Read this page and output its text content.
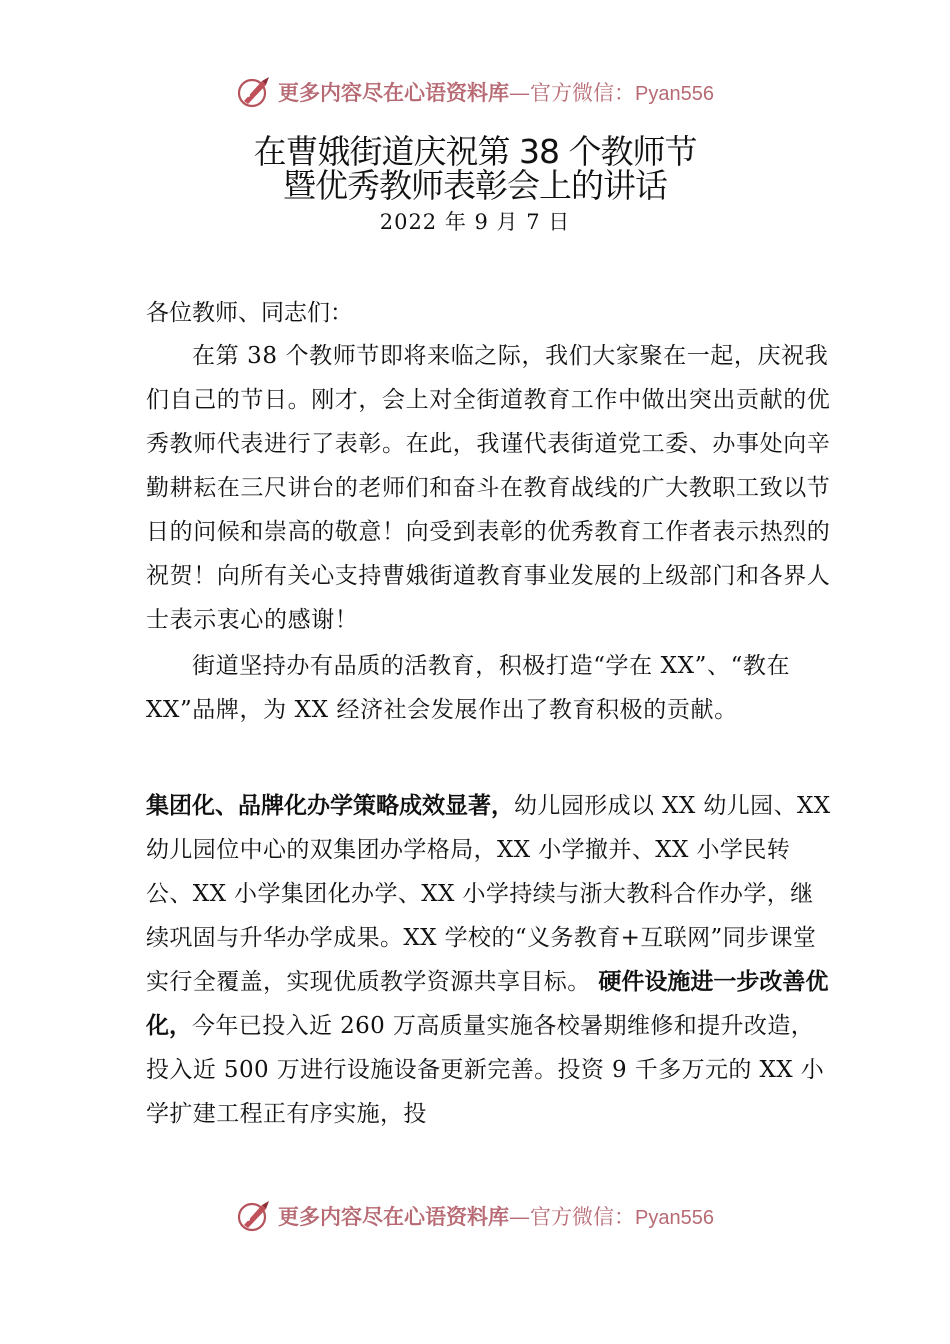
更多内容尽在心语资料库—官方微信：Pyan556
在曹娥街道庆祝第 38 个教师节
暨优秀教师表彰会上的讲话
2022 年 9 月 7 日
各位教师、同志们：
在第 38 个教师节即将来临之际，我们大家聚在一起，庆祝我们自己的节日。刚才，会上对全街道教育工作中做出突出贡献的优秀教师代表进行了表彰。在此，我谨代表街道党工委、办事处向辛勤耕耘在三尺讲台的老师们和奋斗在教育战线的广大教职工致以节日的问候和崇高的敬意！向受到表彰的优秀教育工作者表示热烈的祝贺！向所有关心支持曹娥街道教育事业发展的上级部门和各界人士表示衷心的感谢！
街道坚持办有品质的活教育，积极打造“学在 XX”、“教在 XX”品牌，为 XX 经济社会发展作出了教育积极的贡献。
集团化、品牌化办学策略成效显著，幼儿园形成以 XX 幼儿园、XX 幼儿园位中心的双集团办学格局，XX 小学撤并、XX 小学民转公、XX 小学集团化办学、XX 小学持续与浙大教科合作办学，继续巩固与升华办学成果。XX 学校的“义务教育+互联网”同步课堂实行全覆盖，实现优质教学资源共享目标。 硬件设施进一步改善优化，今年已投入近 260 万高质量实施各校暑期维修和提升改造，投入近 500 万进行设施设备更新完善。投资 9 千多万元的 XX 小学扩建工程正有序实施，投
更多内容尽在心语资料库—官方微信：Pyan556
